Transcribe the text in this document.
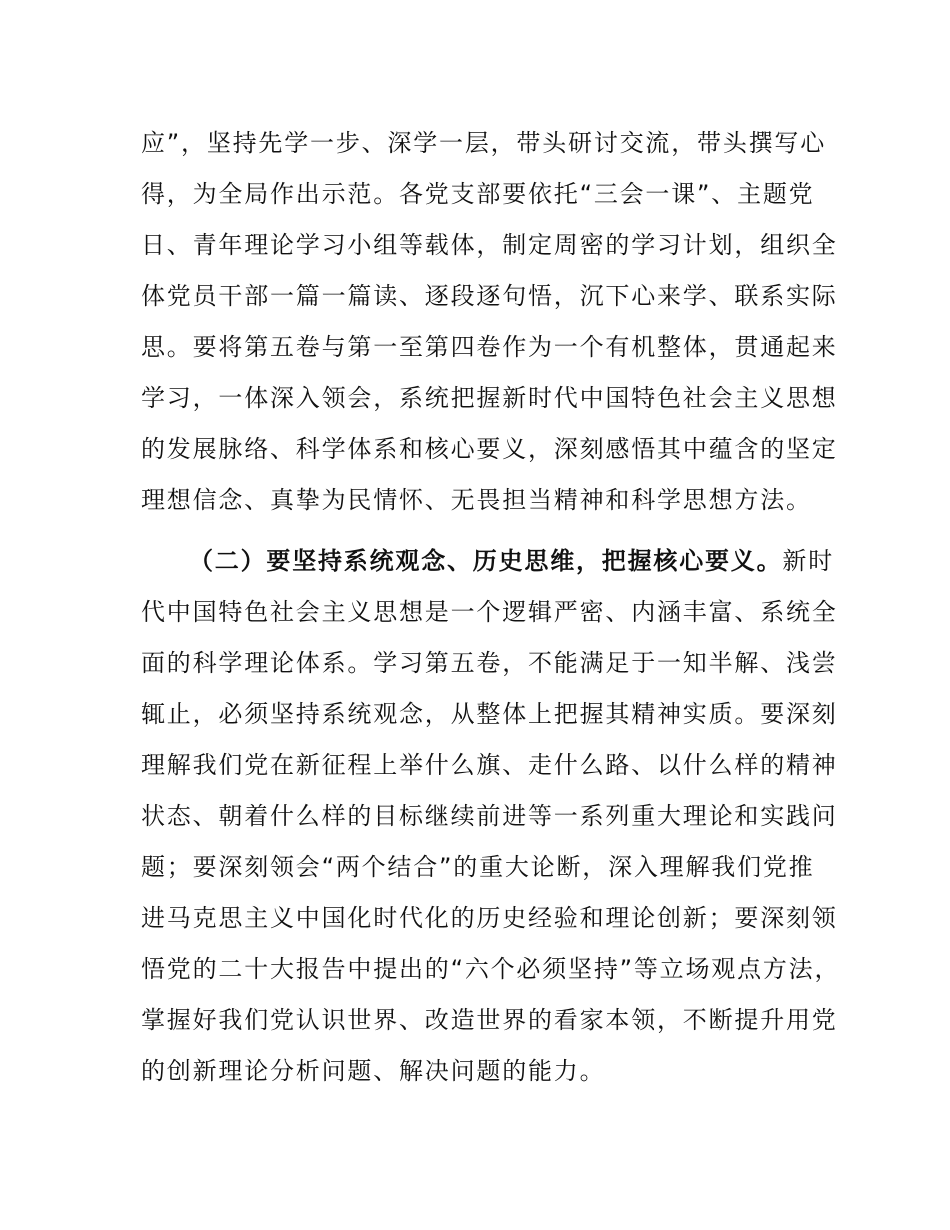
应”，坚持先学一步、深学一层，带头研讨交流，带头撰写心
得，为全局作出示范。各党支部要依托“三会一课”、主题党
日、青年理论学习小组等载体，制定周密的学习计划，组织全
体党员干部一篇一篇读、逐段逐句悟，沉下心来学、联系实际
思。要将第五卷与第一至第四卷作为一个有机整体，贯通起来
学习，一体深入领会，系统把握新时代中国特色社会主义思想
的发展脉络、科学体系和核心要义，深刻感悟其中蕴含的坚定
理想信念、真挚为民情怀、无畏担当精神和科学思想方法。
（二）要坚持系统观念、历史思维，把握核心要义。新时
代中国特色社会主义思想是一个逻辑严密、内涵丰富、系统全
面的科学理论体系。学习第五卷，不能满足于一知半解、浅尝
辄止，必须坚持系统观念，从整体上把握其精神实质。要深刻
理解我们党在新征程上举什么旗、走什么路、以什么样的精神
状态、朝着什么样的目标继续前进等一系列重大理论和实践问
题；要深刻领会“两个结合”的重大论断，深入理解我们党推
进马克思主义中国化时代化的历史经验和理论创新；要深刻领
悟党的二十大报告中提出的“六个必须坚持”等立场观点方法，
掌握好我们党认识世界、改造世界的看家本领，不断提升用党
的创新理论分析问题、解决问题的能力。
